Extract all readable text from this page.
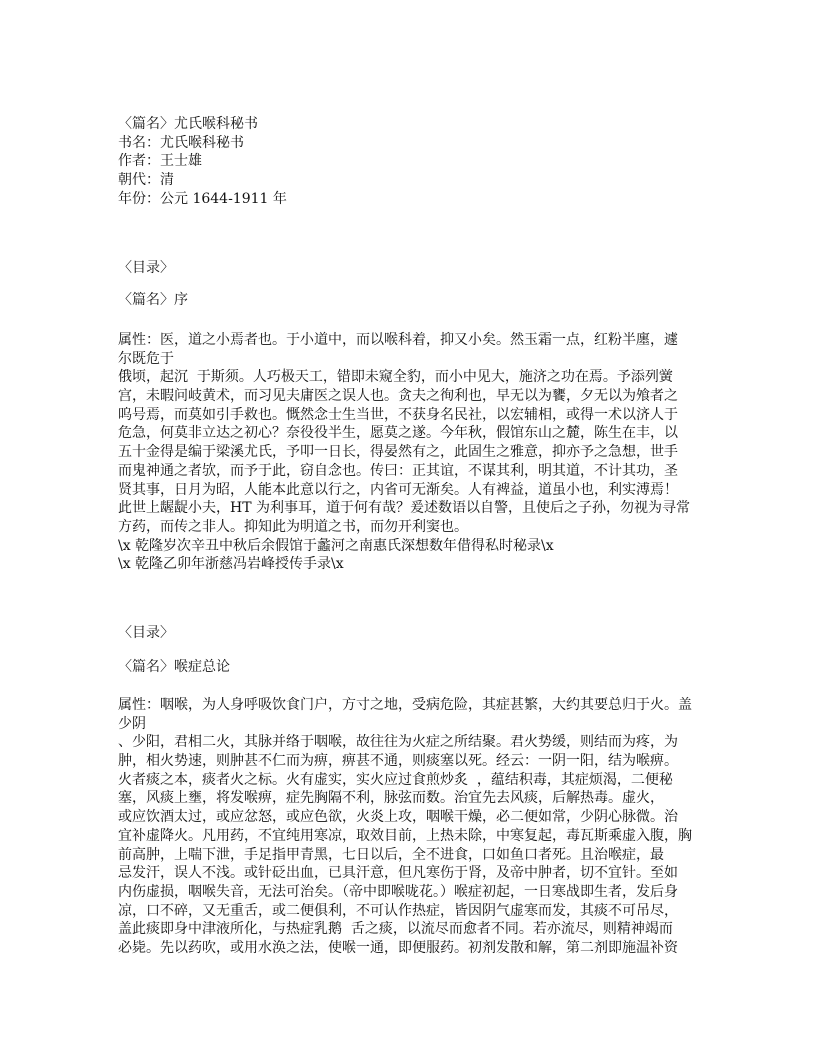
〈篇名〉尤氏喉科秘书
书名：尤氏喉科秘书
作者：王士雄
朝代：清
年份：公元 1644-1911 年
〈目录〉
〈篇名〉序
属性：医，道之小焉者也。于小道中，而以喉科着，抑又小矣。然玉霜一点，红粉半廛，遽
尔既危于
俄顷，起沉  于斯须。人巧极天工，错即未窥全豹，而小中见大，施济之功在焉。予添列黉
宫，未暇问岐黄术，而习见夫庸医之误人也。贪夫之徇利也，早无以为饔，夕无以为飧者之
呜号焉，而莫如引手救也。慨然念士生当世，不获身名民社，以宏辅相，或得一术以济人于
危急，何莫非立达之初心？奈役役半生，愿莫之遂。今年秋，假馆东山之麓，陈生在丰，以
五十金得是编于梁溪尤氏，予叩一日长，得晏然有之，此固生之雅意，抑亦予之急想，世手
而鬼神通之者欤，而予于此，窃自念也。传曰：正其谊，不谋其利，明其道，不计其功，圣
贤其事，日月为昭，人能本此意以行之，内省可无渐矣。人有裨益，道虽小也，利实溥焉！
此世上龌龊小夫，HT 为利事耳，道于何有哉？爰述数语以自警，且使后之子孙，勿视为寻常
方药，而传之非人。抑知此为明道之书，而勿开利窦也。
\x 乾隆岁次辛丑中秋后余假馆于蠡河之南惠氏深想数年借得私时秘录\x
\x 乾隆乙卯年浙慈冯岩峰授传手录\x
〈目录〉
〈篇名〉喉症总论
属性：咽喉，为人身呼吸饮食门户，方寸之地，受病危险，其症甚繁，大约其要总归于火。盖
少阴
、少阳，君相二火，其脉并络于咽喉，故往往为火症之所结聚。君火势缓，则结而为疼，为
肿，相火势速，则肿甚不仁而为痹，痹甚不通，则痰塞以死。经云：一阴一阳，结为喉痹。
火者痰之本，痰者火之标。火有虚实，实火应过食煎炒炙  ，蕴结积毒，其症烦渴，二便秘
塞，风痰上壅，将发喉痹，症先胸隔不利，脉弦而数。治宜先去风痰，后解热毒。虚火，
或应饮酒太过，或应忿怒，或应色欲，火炎上攻，咽喉干燥，必二便如常，少阴心脉微。治
宜补虚降火。凡用药，不宜纯用寒凉，取效目前，上热未除，中寒复起，毒瓦斯乘虚入腹，胸
前高肿，上喘下泄，手足指甲青黑，七日以后，全不进食，口如鱼口者死。且治喉症，最
忌发汗，误人不浅。或针砭出血，已具汗意，但凡寒伤于肾，及帝中肿者，切不宜针。至如
内伤虚损，咽喉失音，无法可治矣。（帝中即喉咙花。）喉症初起，一日寒战即生者，发后身
凉，口不碎，又无重舌，或二便俱利，不可认作热症，皆因阴气虚寒而发，其痰不可吊尽，
盖此痰即身中津液所化，与热症乳鹅  舌之痰，以流尽而愈者不同。若亦流尽，则精神竭而
必毙。先以药吹，或用水涣之法，使喉一通，即便服药。初剂发散和解，第二剂即施温补资
